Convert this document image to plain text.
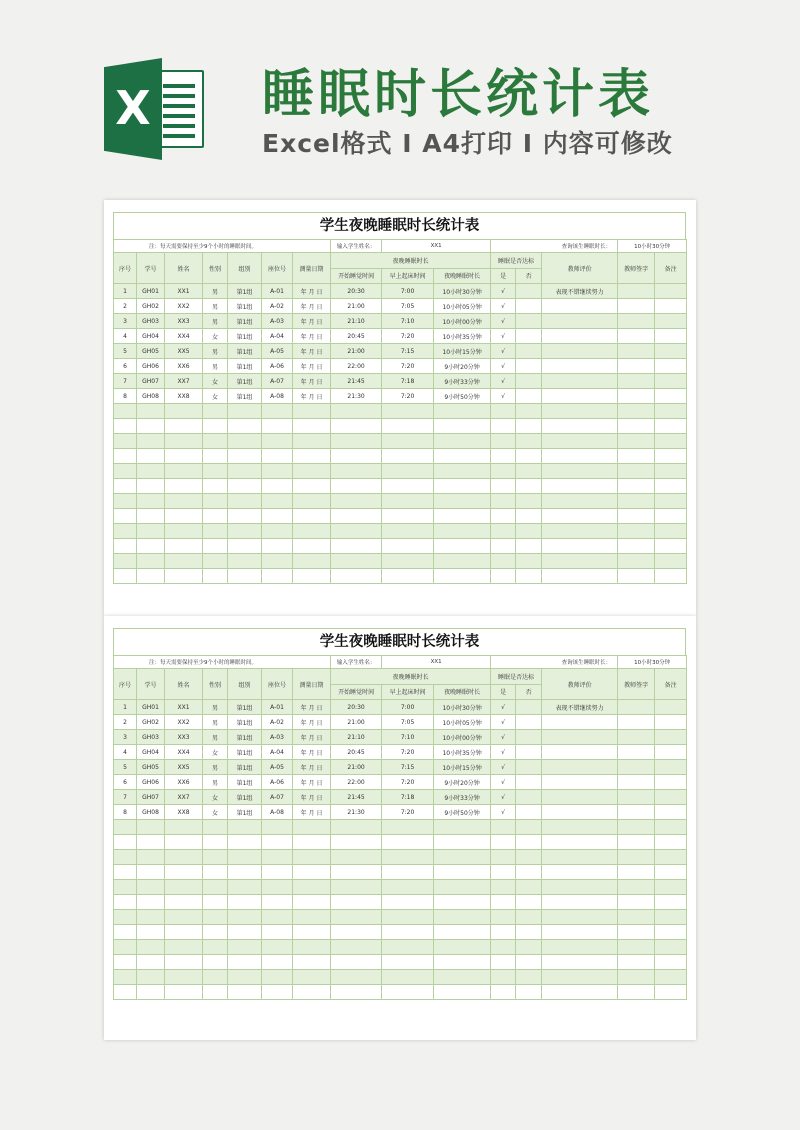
X 睡眠时长统计表
Excel格式 I A4打印 I 内容可修改
学生夜晚睡眠时长统计表
注：每天需要保持至少9个小时的睡眠时间。							输入学生姓名：	XX1		查询该生睡眠时长：			10小时30分钟	
序号	学号	姓名	性别	组别	座位号	测量日期	夜晚睡眠时长			睡眠是否达标		教师评价	教师签字	备注
							开始睡觉时间	早上起床时间	夜晚睡眠时长	是	否			
1	GH01	XX1	男	第1组	A-01	年 月 日	20:30	7:00	10小时30分钟	√		表现不错继续努力		
2	GH02	XX2	男	第1组	A-02	年 月 日	21:00	7:05	10小时05分钟	√				
3	GH03	XX3	男	第1组	A-03	年 月 日	21:10	7:10	10小时00分钟	√				
4	GH04	XX4	女	第1组	A-04	年 月 日	20:45	7:20	10小时35分钟	√				
5	GH05	XX5	男	第1组	A-05	年 月 日	21:00	7:15	10小时15分钟	√				
6	GH06	XX6	男	第1组	A-06	年 月 日	22:00	7:20	9小时20分钟	√				
7	GH07	XX7	女	第1组	A-07	年 月 日	21:45	7:18	9小时33分钟	√				
8	GH08	XX8	女	第1组	A-08	年 月 日	21:30	7:20	9小时50分钟	√				

学生夜晚睡眠时长统计表
注：每天需要保持至少9个小时的睡眠时间。							输入学生姓名：	XX1		查询该生睡眠时长：			10小时30分钟	
序号	学号	姓名	性别	组别	座位号	测量日期	夜晚睡眠时长			睡眠是否达标		教师评价	教师签字	备注
							开始睡觉时间	早上起床时间	夜晚睡眠时长	是	否			
1	GH01	XX1	男	第1组	A-01	年 月 日	20:30	7:00	10小时30分钟	√		表现不错继续努力		
2	GH02	XX2	男	第1组	A-02	年 月 日	21:00	7:05	10小时05分钟	√				
3	GH03	XX3	男	第1组	A-03	年 月 日	21:10	7:10	10小时00分钟	√				
4	GH04	XX4	女	第1组	A-04	年 月 日	20:45	7:20	10小时35分钟	√				
5	GH05	XX5	男	第1组	A-05	年 月 日	21:00	7:15	10小时15分钟	√				
6	GH06	XX6	男	第1组	A-06	年 月 日	22:00	7:20	9小时20分钟	√				
7	GH07	XX7	女	第1组	A-07	年 月 日	21:45	7:18	9小时33分钟	√				
8	GH08	XX8	女	第1组	A-08	年 月 日	21:30	7:20	9小时50分钟	√				
